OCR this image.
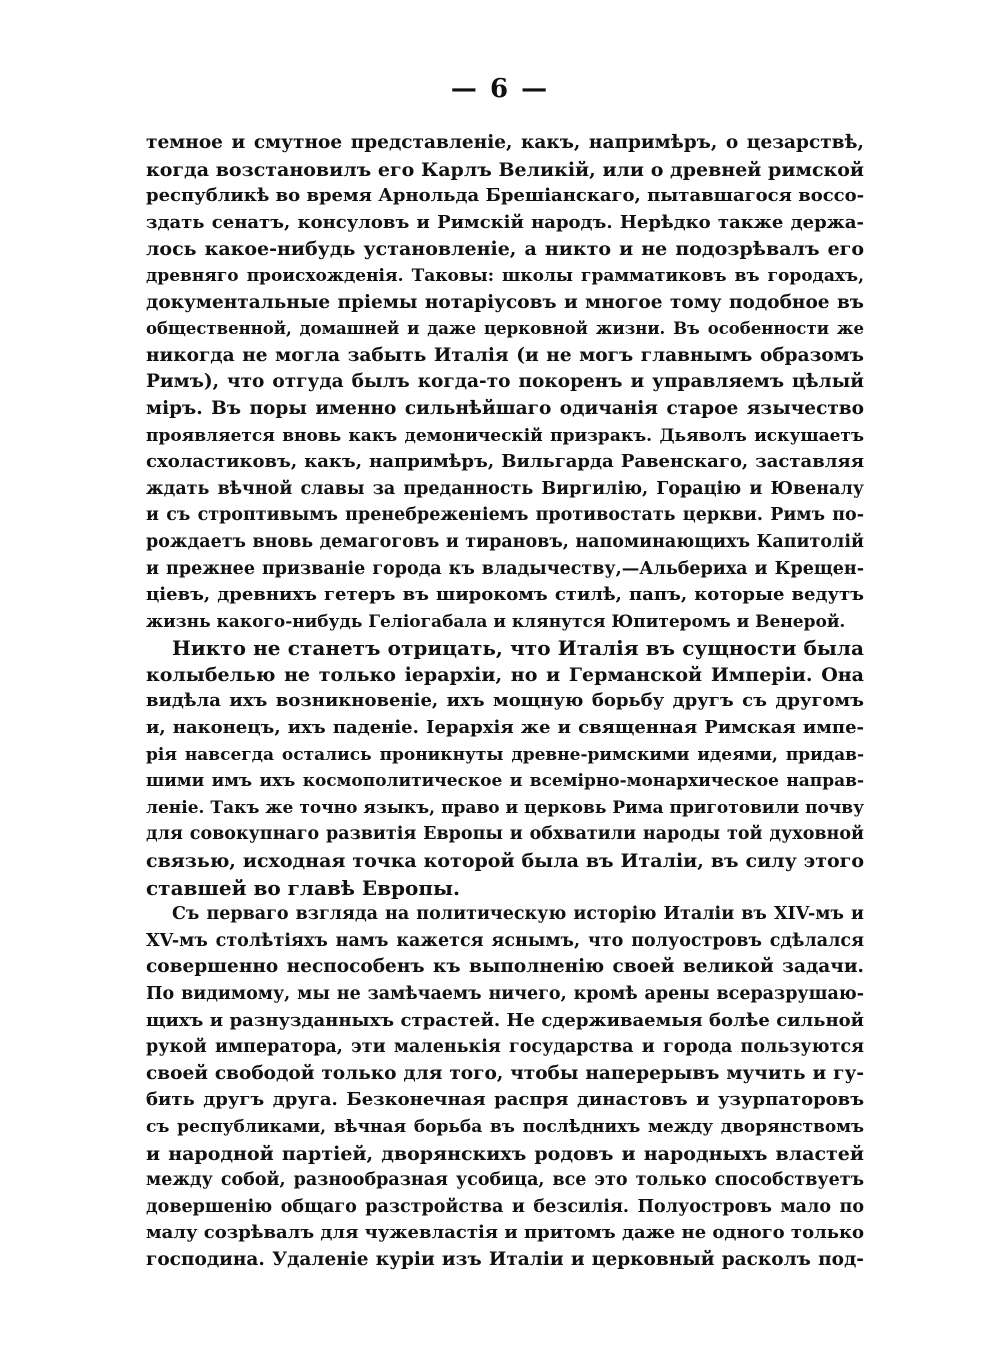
— 6 —
темное и смутное представленіе, какъ, напримѣръ, о цезарствѣ,
когда возстановилъ его Карлъ Великій, или о древней римской
республикѣ во время Арнольда Брешіанскаго, пытавшагося воссо-
здать сенатъ, консуловъ и Римскій народъ. Нерѣдко также держа-
лось какое-нибудь установленіе, а никто и не подозрѣвалъ его
древняго происхожденія. Таковы: школы грамматиковъ въ городахъ,
документальные пріемы нотаріусовъ и многое тому подобное въ
общественной, домашней и даже церковной жизни. Въ особенности же
никогда не могла забыть Италія (и не могъ главнымъ образомъ
Римъ), что отгуда былъ когда-то покоренъ и управляемъ цѣлый
міръ. Въ поры именно сильнѣйшаго одичанія старое язычество
проявляется вновь какъ демоническій призракъ. Дьяволъ искушаетъ
схоластиковъ, какъ, напримѣръ, Вильгарда Равенскаго, заставляя
ждать вѣчной славы за преданность Виргилію, Горацію и Ювеналу
и съ строптивымъ пренебреженіемъ противостать церкви. Римъ по-
рождаетъ вновь демагоговъ и тирановъ, напоминающихъ Капитолій
и прежнее призваніе города къ владычеству,—Альбериха и Крещен-
ціевъ, древнихъ гетеръ въ широкомъ стилѣ, папъ, которые ведутъ
жизнь какого-нибудь Геліогабала и клянутся Юпитеромъ и Венерой.
Никто не станетъ отрицать, что Италія въ сущности была
колыбелью не только іерархіи, но и Германской Имперіи. Она
видѣла ихъ возникновеніе, ихъ мощную борьбу другъ съ другомъ
и, наконецъ, ихъ паденіе. Іерархія же и священная Римская импе-
рія навсегда остались проникнуты древне-римскими идеями, придав-
шими имъ ихъ космополитическое и всемірно-монархическое направ-
леніе. Такъ же точно языкъ, право и церковь Рима приготовили почву
для совокупнаго развитія Европы и обхватили народы той духовной
связью, исходная точка которой была въ Италіи, въ силу этого
ставшей во главѣ Европы.
Съ перваго взгляда на политическую исторію Италіи въ XIV-мъ и
XV-мъ столѣтіяхъ намъ кажется яснымъ, что полуостровъ сдѣлался
совершенно неспособенъ къ выполненію своей великой задачи.
По видимому, мы не замѣчаемъ ничего, кромѣ арены всеразрушаю-
щихъ и разнузданныхъ страстей. Не сдерживаемыя болѣе сильной
рукой императора, эти маленькія государства и города пользуются
своей свободой только для того, чтобы наперерывъ мучить и гу-
бить другъ друга. Безконечная распря династовъ и узурпаторовъ
съ республиками, вѣчная борьба въ послѣднихъ между дворянствомъ
и народной партіей, дворянскихъ родовъ и народныхъ властей
между собой, разнообразная усобица, все это только способствуетъ
довершенію общаго разстройства и безсилія. Полуостровъ мало по
малу созрѣвалъ для чужевластія и притомъ даже не одного только
господина. Удаленіе куріи изъ Италіи и церковный расколъ под-
